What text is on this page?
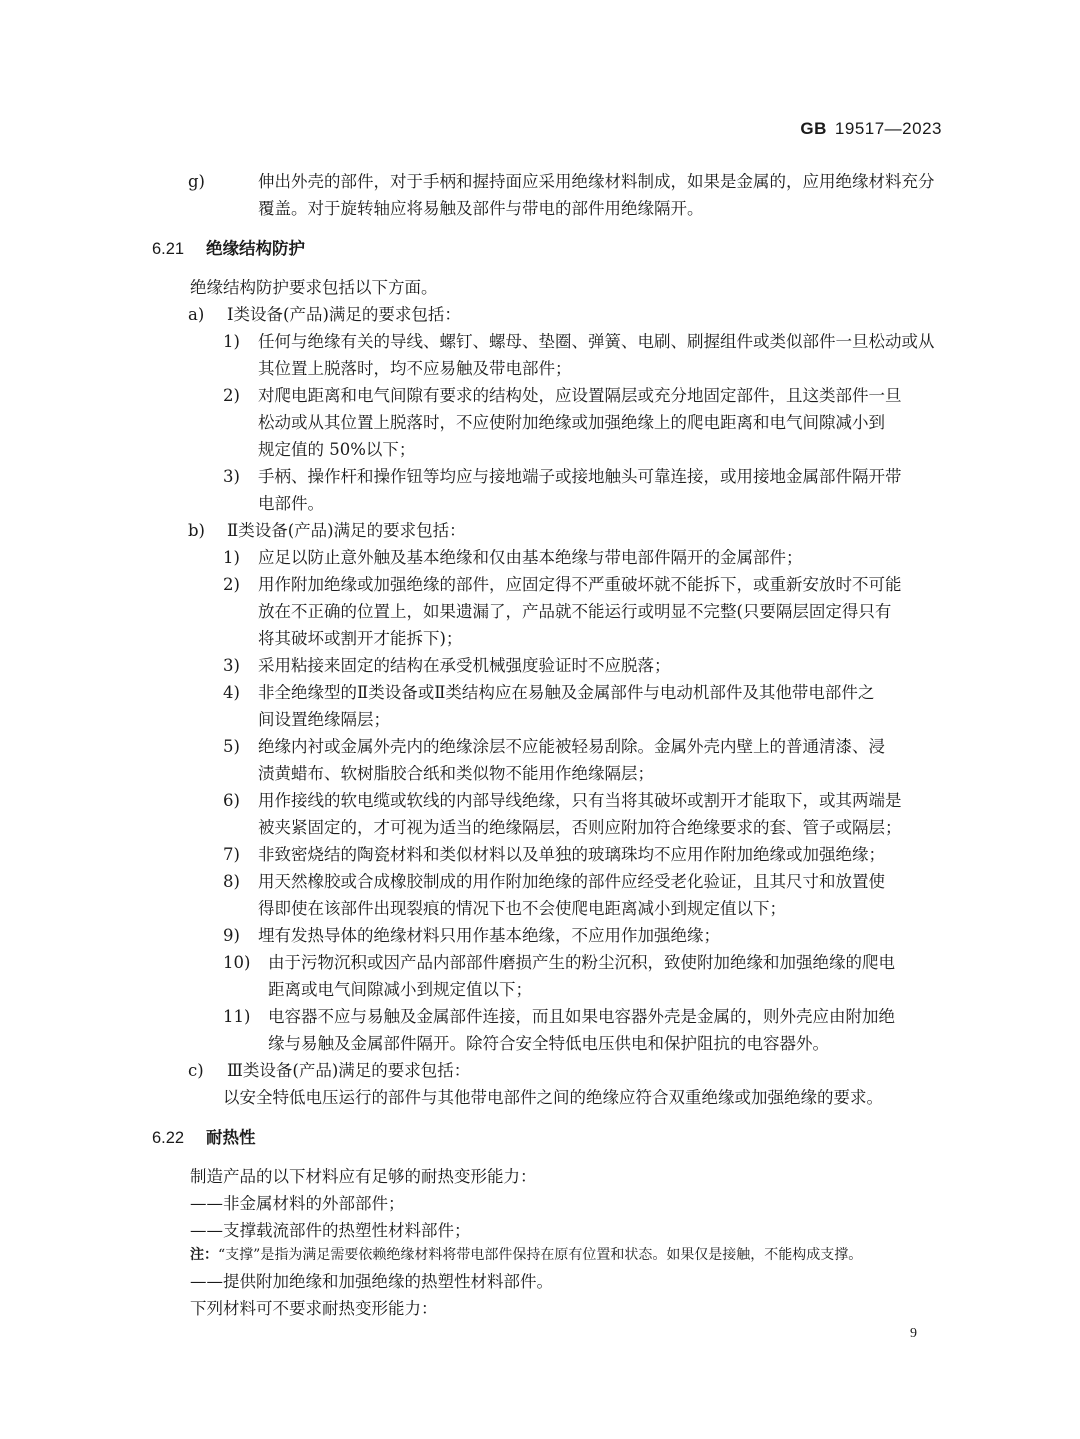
GB 19517—2023
g)	伸出外壳的部件，对于手柄和握持面应采用绝缘材料制成，如果是金属的，应用绝缘材料充分
覆盖。对于旋转轴应将易触及部件与带电的部件用绝缘隔开。
6.21 绝缘结构防护
绝缘结构防护要求包括以下方面。
a) Ⅰ类设备(产品)满足的要求包括：
1) 任何与绝缘有关的导线、螺钉、螺母、垫圈、弹簧、电刷、刷握组件或类似部件一旦松动或从
其位置上脱落时，均不应易触及带电部件；
2) 对爬电距离和电气间隙有要求的结构处，应设置隔层或充分地固定部件，且这类部件一旦
松动或从其位置上脱落时，不应使附加绝缘或加强绝缘上的爬电距离和电气间隙减小到
规定值的 50%以下；
3) 手柄、操作杆和操作钮等均应与接地端子或接地触头可靠连接，或用接地金属部件隔开带
电部件。
b) Ⅱ类设备(产品)满足的要求包括：
1) 应足以防止意外触及基本绝缘和仅由基本绝缘与带电部件隔开的金属部件；
2) 用作附加绝缘或加强绝缘的部件，应固定得不严重破坏就不能拆下，或重新安放时不可能
放在不正确的位置上，如果遗漏了，产品就不能运行或明显不完整(只要隔层固定得只有
将其破坏或割开才能拆下)；
3) 采用粘接来固定的结构在承受机械强度验证时不应脱落；
4) 非全绝缘型的Ⅱ类设备或Ⅱ类结构应在易触及金属部件与电动机部件及其他带电部件之
间设置绝缘隔层；
5) 绝缘内衬或金属外壳内的绝缘涂层不应能被轻易刮除。金属外壳内壁上的普通清漆、浸
渍黄蜡布、软树脂胶合纸和类似物不能用作绝缘隔层；
6) 用作接线的软电缆或软线的内部导线绝缘，只有当将其破坏或割开才能取下，或其两端是
被夹紧固定的，才可视为适当的绝缘隔层，否则应附加符合绝缘要求的套、管子或隔层；
7) 非致密烧结的陶瓷材料和类似材料以及单独的玻璃珠均不应用作附加绝缘或加强绝缘；
8) 用天然橡胶或合成橡胶制成的用作附加绝缘的部件应经受老化验证，且其尺寸和放置使
得即使在该部件出现裂痕的情况下也不会使爬电距离减小到规定值以下；
9) 埋有发热导体的绝缘材料只用作基本绝缘，不应用作加强绝缘；
10) 由于污物沉积或因产品内部部件磨损产生的粉尘沉积，致使附加绝缘和加强绝缘的爬电
距离或电气间隙减小到规定值以下；
11) 电容器不应与易触及金属部件连接，而且如果电容器外壳是金属的，则外壳应由附加绝
缘与易触及金属部件隔开。除符合安全特低电压供电和保护阻抗的电容器外。
c) Ⅲ类设备(产品)满足的要求包括：
以安全特低电压运行的部件与其他带电部件之间的绝缘应符合双重绝缘或加强绝缘的要求。
6.22 耐热性
制造产品的以下材料应有足够的耐热变形能力：
——非金属材料的外部部件；
——支撑载流部件的热塑性材料部件；
注：“支撑”是指为满足需要依赖绝缘材料将带电部件保持在原有位置和状态。如果仅是接触，不能构成支撑。
——提供附加绝缘和加强绝缘的热塑性材料部件。
下列材料可不要求耐热变形能力：
9
